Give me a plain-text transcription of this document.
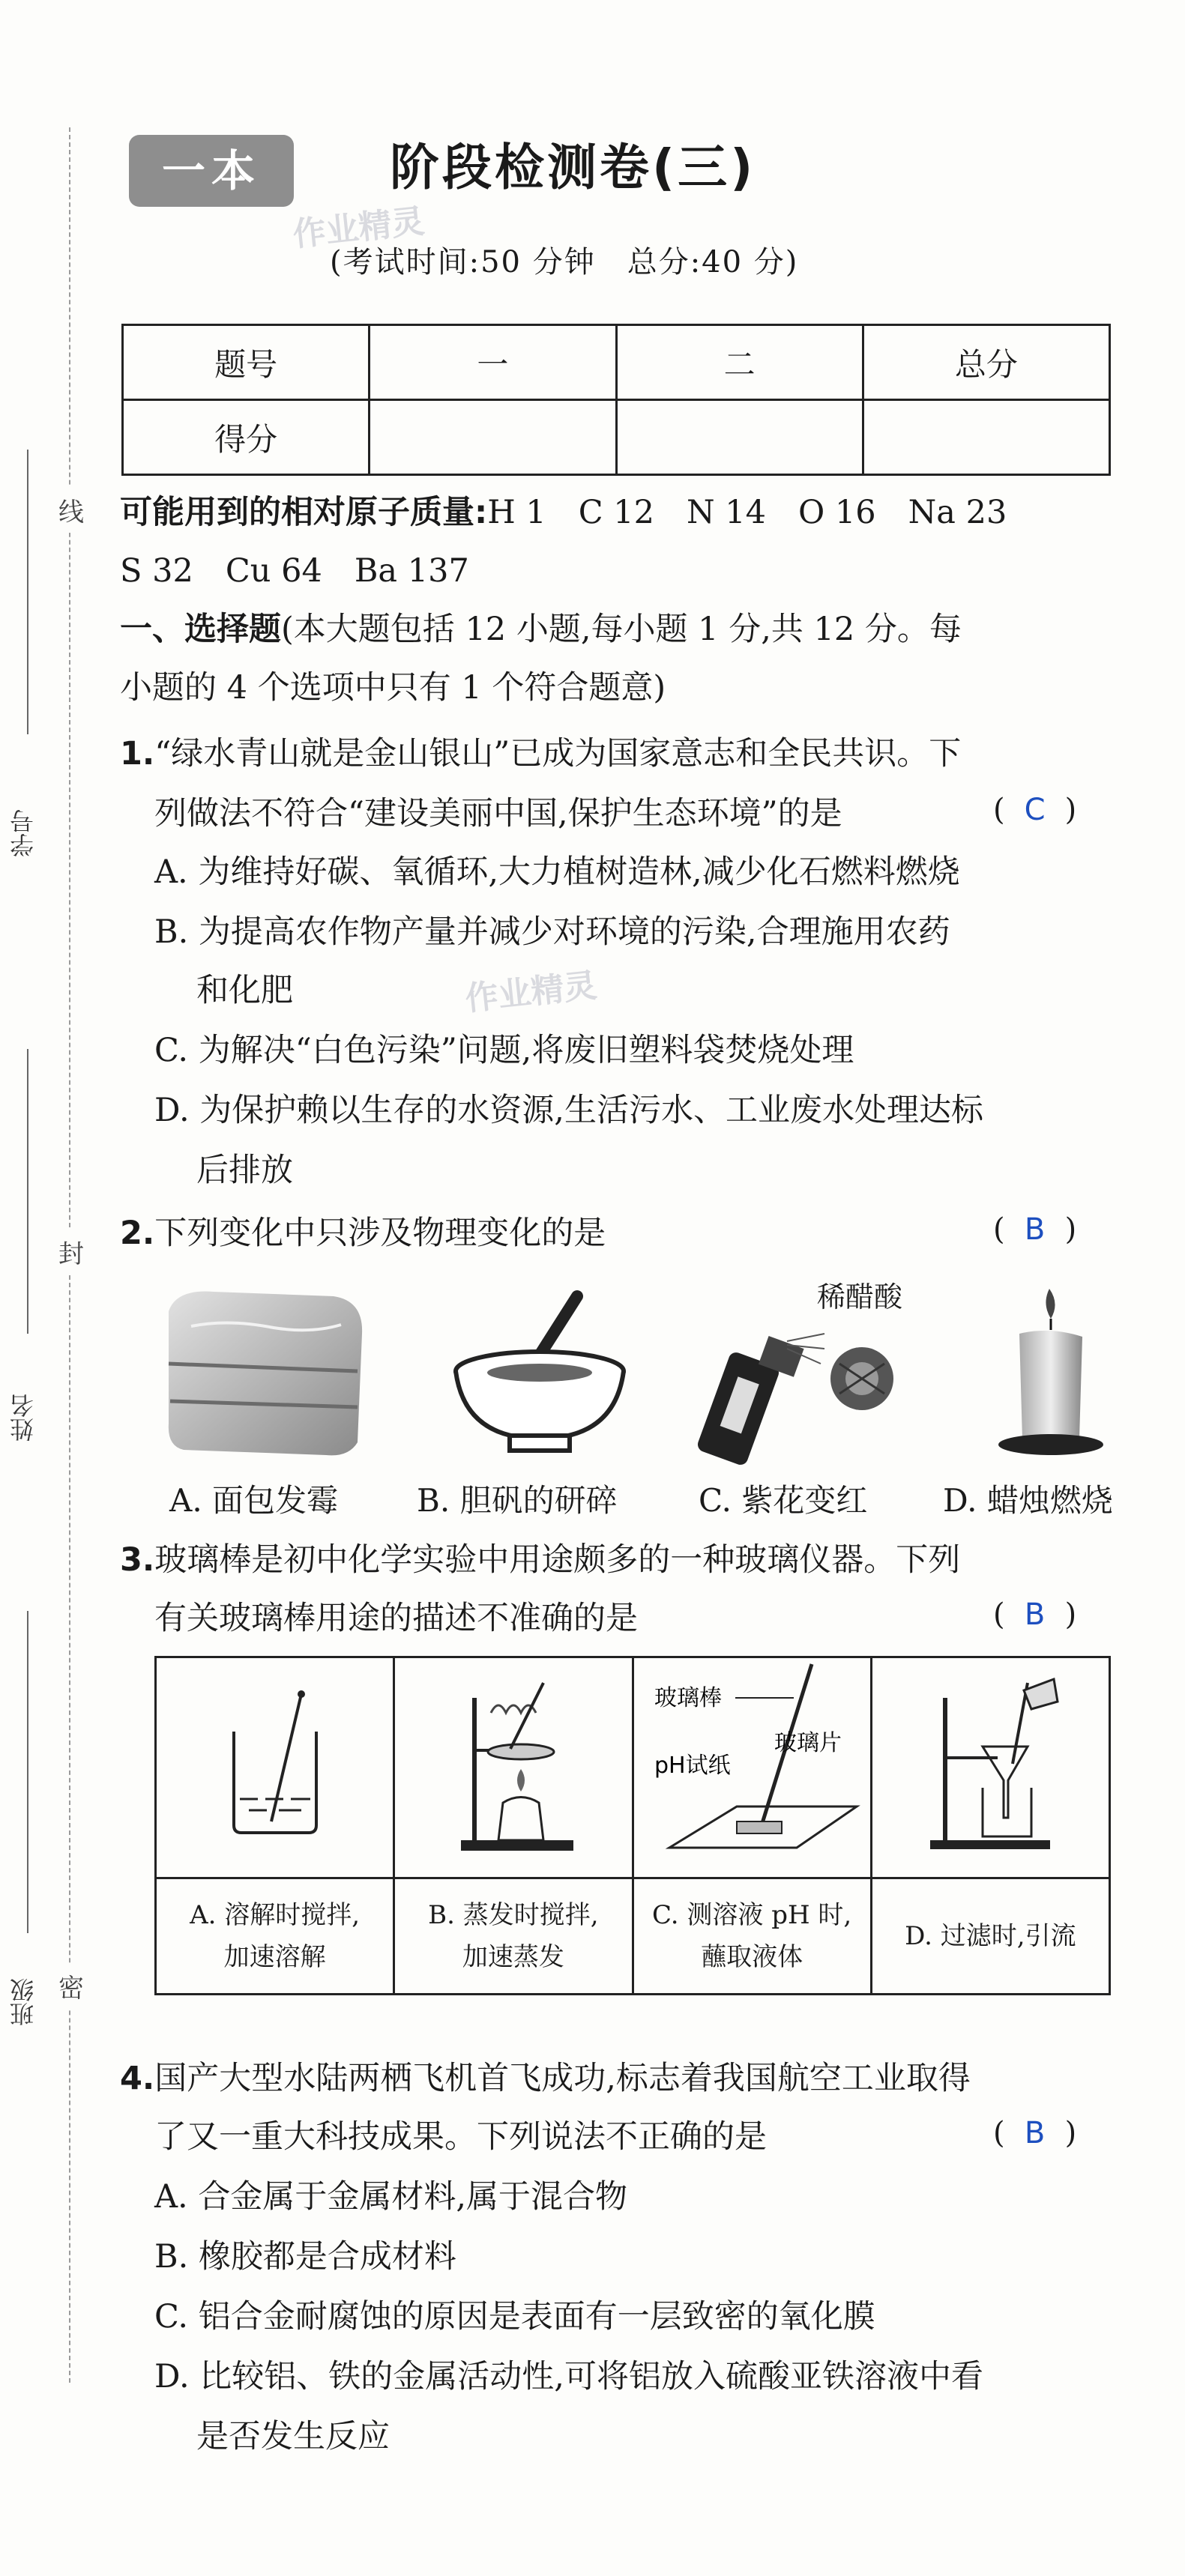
线
封
密
学号
姓名
班级
一本	阶段检测卷(三)
(考试时间:50 分钟　总分:40 分)
作业精灵
作业精灵
题号	一	二	总分
得分			
可能用到的相对原子质量:H 1　C 12　N 14　O 16　Na 23
S 32　Cu 64　Ba 137
一、选择题(本大题包括 12 小题,每小题 1 分,共 12 分。每
小题的 4 个选项中只有 1 个符合题意)
1.“绿水青山就是金山银山”已成为国家意志和全民共识。下
列做法不符合“建设美丽中国,保护生态环境”的是	( C )
A. 为维持好碳、氧循环,大力植树造林,减少化石燃料燃烧
B. 为提高农作物产量并减少对环境的污染,合理施用农药
和化肥
C. 为解决“白色污染”问题,将废旧塑料袋焚烧处理
D. 为保护赖以生存的水资源,生活污水、工业废水处理达标
后排放
2.下列变化中只涉及物理变化的是	( B )
稀醋酸
A. 面包发霉 B. 胆矾的研碎	C. 紫花变红 D. 蜡烛燃烧
3.玻璃棒是初中化学实验中用途颇多的一种玻璃仪器。下列
有关玻璃棒用途的描述不准确的是	( B )

玻璃棒
pH试纸
玻璃片

A. 溶解时搅拌,
加速溶解	B. 蒸发时搅拌,
加速蒸发	C. 测溶液 pH 时,
蘸取液体	D. 过滤时,引流
4.国产大型水陆两栖飞机首飞成功,标志着我国航空工业取得
了又一重大科技成果。下列说法不正确的是	( B )
A. 合金属于金属材料,属于混合物
B. 橡胶都是合成材料
C. 铝合金耐腐蚀的原因是表面有一层致密的氧化膜
D. 比较铝、铁的金属活动性,可将铝放入硫酸亚铁溶液中看
是否发生反应
